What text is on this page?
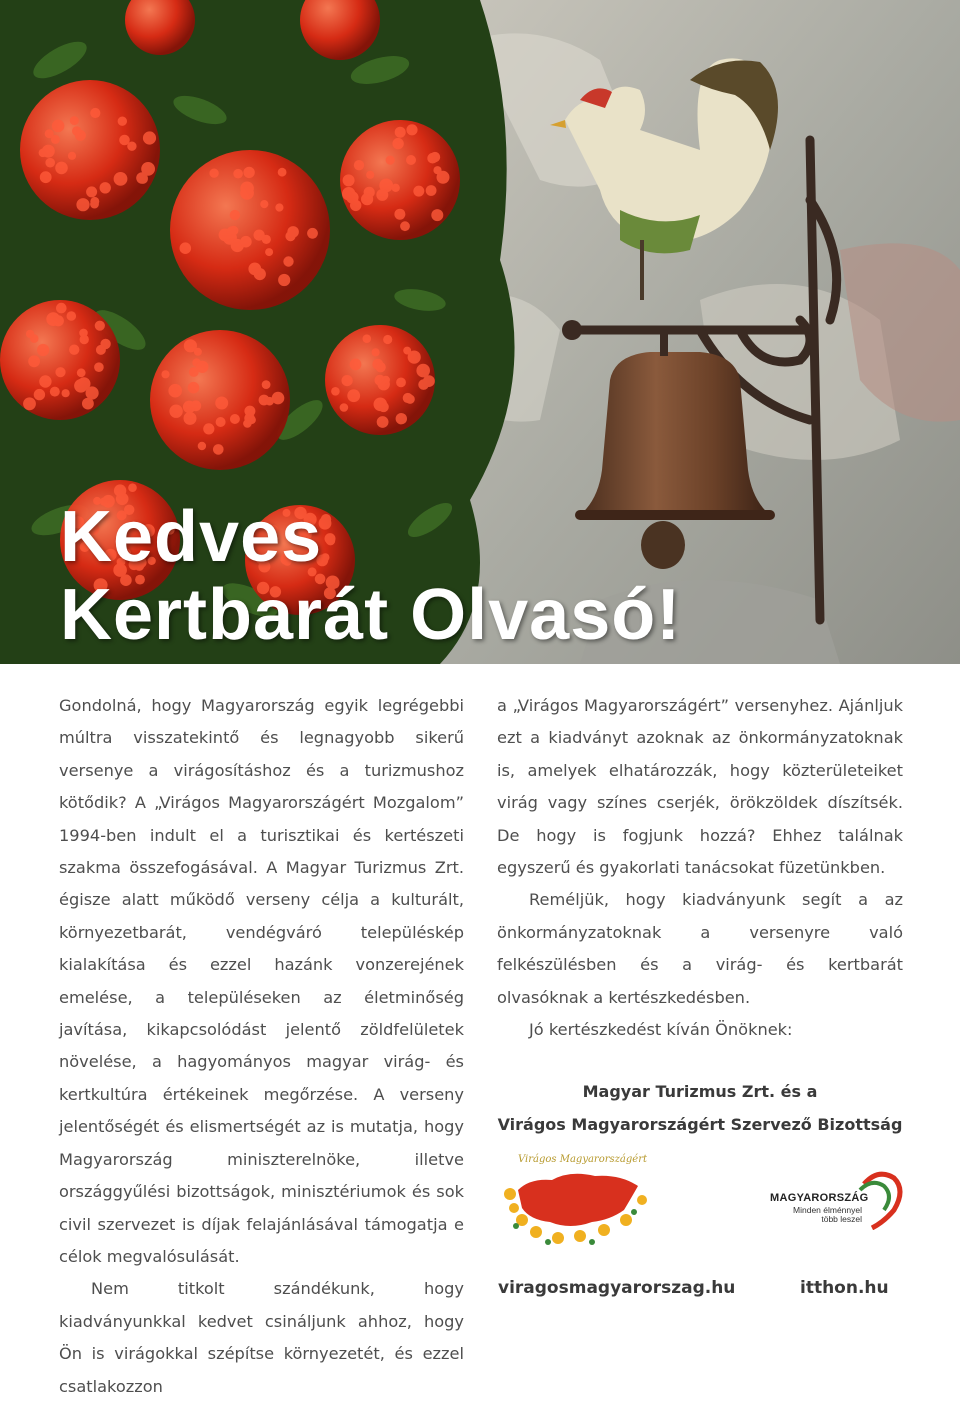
Kedves
Kertbarát Olvasó!

Gondolná, hogy Magyarország egyik legrégebbi múltra visszatekintő és legnagyobb sikerű versenye a virágosításhoz és a turizmushoz kötődik? A „Virágos Magyarországért Mozgalom” 1994-ben indult el a turisztikai és kertészeti szakma összefogásával. A Magyar Turizmus Zrt. égisze alatt működő verseny célja a kulturált, környezetbarát, vendégváró településkép kialakítása és ezzel hazánk vonzerejének emelése, a településeken az életminőség javítása, kikapcsolódást jelentő zöldfelületek növelése, a hagyományos magyar virág- és kertkultúra értékeinek megőrzése. A verseny jelentőségét és elismertségét az is mutatja, hogy Magyarország miniszterelnöke, illetve országgyűlési bizottságok, minisztériumok és sok civil szervezet is díjak felajánlásával támogatja e célok megvalósulását.

Nem titkolt szándékunk, hogy kiadványunkkal kedvet csináljunk ahhoz, hogy Ön is virágokkal szépítse környezetét, és ezzel csatlakozzon

a „Virágos Magyarországért” versenyhez. Ajánljuk ezt a kiadványt azoknak az önkormányzatoknak is, amelyek elhatározzák, hogy közterületeiket virág vagy színes cserjék, örökzöldek díszítsék. De hogy is fogjunk hozzá? Ehhez találnak egyszerű és gyakorlati tanácsokat füzetünkben.

Reméljük, hogy kiadványunk segít a az önkormányzatoknak a versenyre való felkészülésben és a virág- és kertbarát olvasóknak a kertészkedésben.

Jó kertészkedést kíván Önöknek:

Magyar Turizmus Zrt. és a
Virágos Magyarországért Szervező Bizottság

Virágos Magyarországért
MAGYARORSZÁG
Minden élménnyel több leszel
viragosmagyarorszag.hu	itthon.hu
